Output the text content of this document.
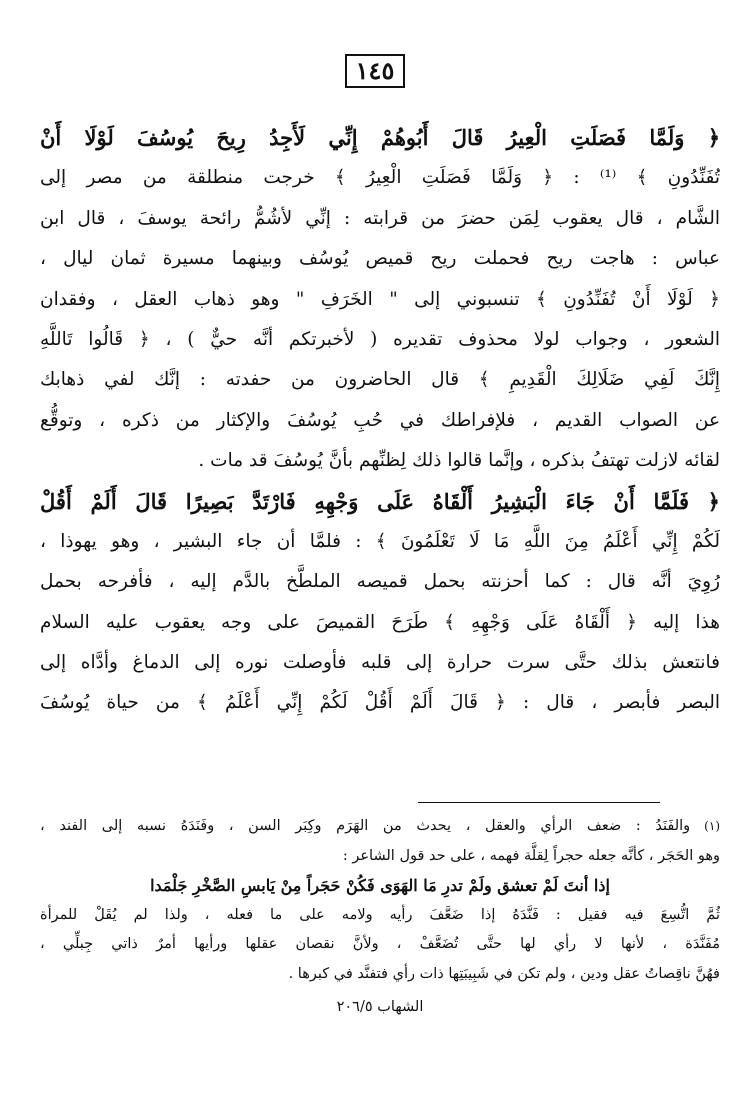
١٤٥
﴿ وَلَمَّا فَصَلَتِ الْعِيرُ قَالَ أَبُوهُمْ إِنِّي لَأَجِدُ رِيحَ يُوسُفَ لَوْلَا أَنْ
تُفَنِّدُونِ ﴾ ⁽¹⁾ : ﴿ وَلَمَّا فَصَلَتِ الْعِيرُ ﴾ خرجت منطلقة من مصر إلى
الشَّام ، قال يعقوب لِمَن حضرَ من قرابته : إنِّي لأشُمُّ رائحة يوسفَ ، قال ابن
عباس : هاجت ريح فحملت ريح قميص يُوسُف وبينهما مسيرة ثمان ليال ،
﴿ لَوْلَا أَنْ تُفَنِّدُونِ ﴾ تنسبوني إلى " الخَرَفِ " وهو ذهاب العقل ، وفقدان
الشعور ، وجواب لولا محذوف تقديره ( لأخبرتكم أنَّه حيٌّ ) ، ﴿ قَالُوا تَاللَّهِ
إِنَّكَ لَفِي ضَلَالِكَ الْقَدِيمِ ﴾ قال الحاضرون من حفدته : إنَّك لفي ذهابك
عن الصواب القديم ، فلإفراطك في حُبِ يُوسُفَ والإكثار من ذكره ، وتوقُّع
لقائه لازلت تهتفُ بذكره ، وإنَّما قالوا ذلك لِظنِّهم بأنَّ يُوسُفَ قد مات .
﴿ فَلَمَّا أَنْ جَاءَ الْبَشِيرُ أَلْقَاهُ عَلَى وَجْهِهِ فَارْتَدَّ بَصِيرًا قَالَ أَلَمْ أَقُلْ
لَكُمْ إِنِّي أَعْلَمُ مِنَ اللَّهِ مَا لَا تَعْلَمُونَ ﴾ : فلمَّا أن جاء البشير ، وهو يهوذا ،
رُوِيَ أنَّه قال : كما أحزنته بحمل قميصه الملطَّخ بالدَّم إليه ، فأفرحه بحمل
هذا إليه ﴿ أَلْقَاهُ عَلَى وَجْهِهِ ﴾ طَرَحَ القميصَ على وجه يعقوب عليه السلام
فانتعش بذلك حتَّى سرت حرارة إلى قلبه فأوصلت نوره إلى الدماغ وأدَّاه إلى
البصر فأبصر ، قال : ﴿ قَالَ أَلَمْ أَقُلْ لَكُمْ إِنِّي أَعْلَمُ ﴾ من حياة يُوسُفَ
(١)والفَنَدُ : ضعف الرأي والعقل ، يحدث من الهَرَم وكِبَر السن ، وفَنَدَهُ نسبه إلى الفند ،
وهو الحَجَر ، كأنَّه جعله حجراً لِقلَّة فهمه ، على حد قول الشاعر :
إذا أنتَ لَمْ تعشق ولَمْ تدرِ مَا الهَوَى فَكُنْ حَجَراً مِنْ يَابسِ الصَّخْرِ جَلْمَدا
ثُمَّ اتُّسِعَ فيه فقيل : فَنَّدَهُ إذا ضَعَّفَ رأيه ولامه على ما فعله ، ولذا لم يُقَلْ للمرأة
مُفَنَّدَة ، لأنها لا رأي لها حتَّى تُضَعَّفْ ، ولأنَّ نقصان عقلها ورأيها أمرٌ ذاتي جِبلِّي ،
فهُنَّ ناقِصاتُ عقل ودين ، ولم تكن في شَبِيبَتِها ذات رأي فتفنَّد في كبرها .
الشهاب ٢٠٦/٥
